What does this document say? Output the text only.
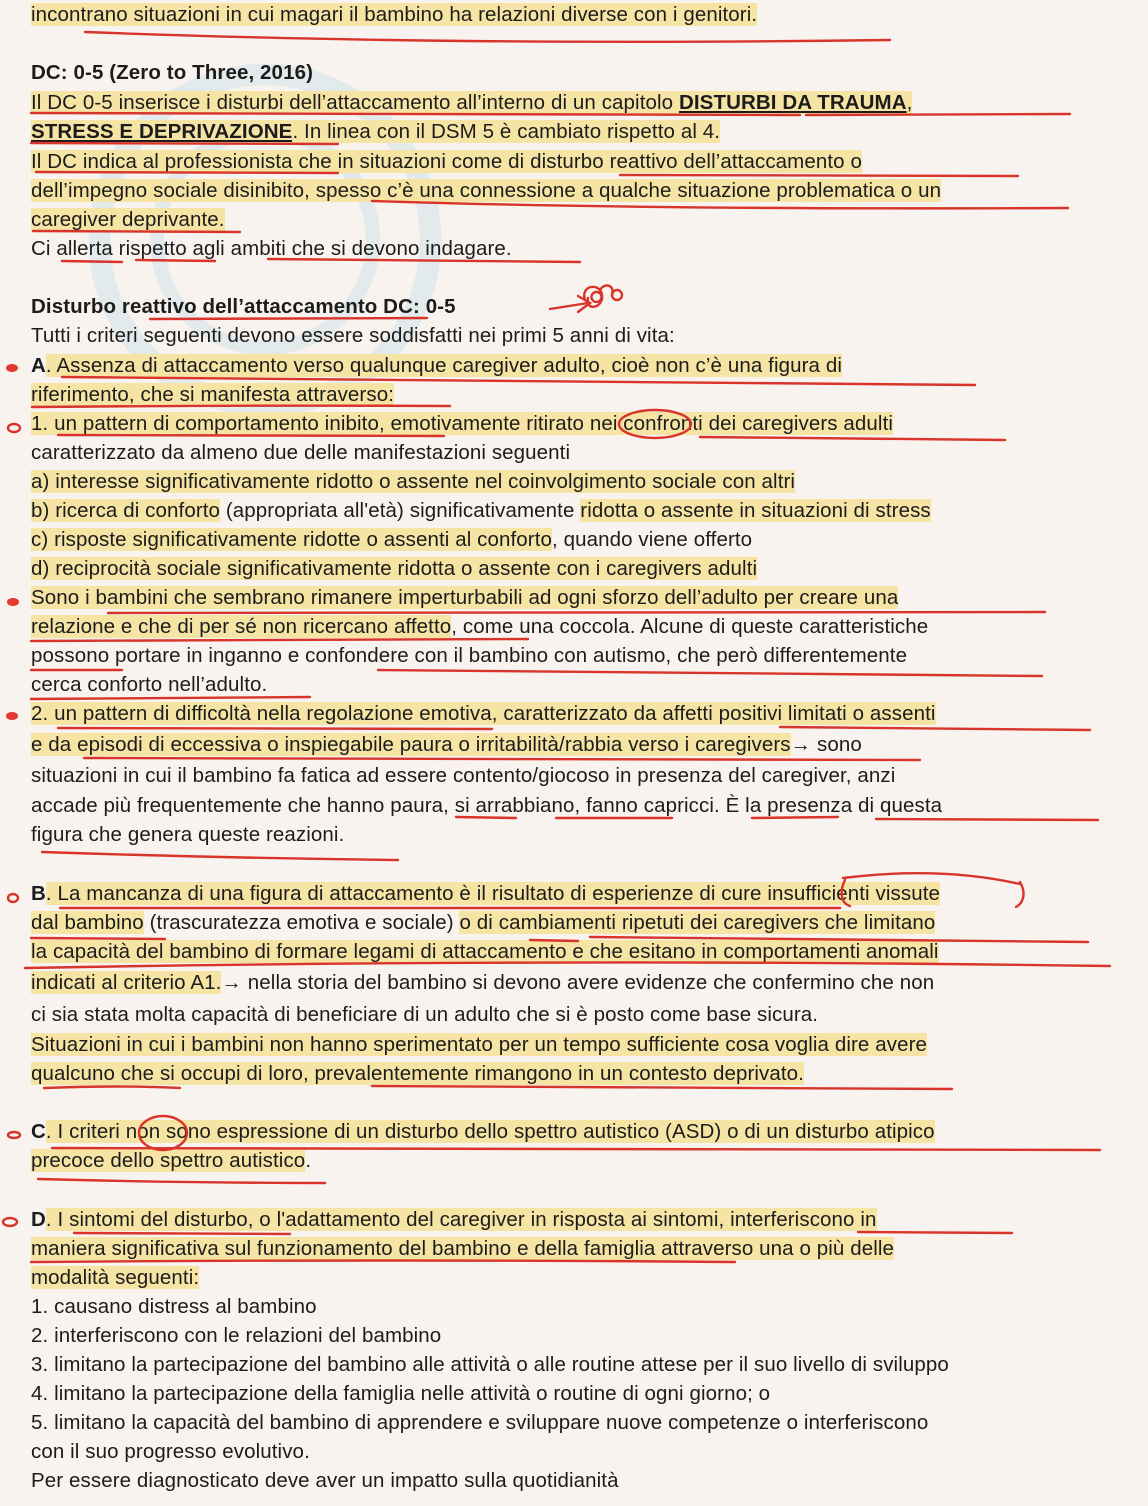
incontrano situazioni in cui magari il bambino ha relazioni diverse con i genitori.
DC: 0-5 (Zero to Three, 2016)
Il DC 0-5 inserisce i disturbi dell’attaccamento all’interno di un capitolo DISTURBI DA TRAUMA,
STRESS E DEPRIVAZIONE. In linea con il DSM 5 è cambiato rispetto al 4.
Il DC indica al professionista che in situazioni come di disturbo reattivo dell’attaccamento o
dell’impegno sociale disinibito, spesso c’è una connessione a qualche situazione problematica o un
caregiver deprivante.
Ci allerta rispetto agli ambiti che si devono indagare.
Disturbo reattivo dell’attaccamento DC: 0-5
Tutti i criteri seguenti devono essere soddisfatti nei primi 5 anni di vita:
A. Assenza di attaccamento verso qualunque caregiver adulto, cioè non c’è una figura di
riferimento, che si manifesta attraverso:
1. un pattern di comportamento inibito, emotivamente ritirato nei confronti dei caregivers adulti
caratterizzato da almeno due delle manifestazioni seguenti
a) interesse significativamente ridotto o assente nel coinvolgimento sociale con altri
b) ricerca di conforto (appropriata all'età) significativamente ridotta o assente in situazioni di stress
c) risposte significativamente ridotte o assenti al conforto, quando viene offerto
d) reciprocità sociale significativamente ridotta o assente con i caregivers adulti
Sono i bambini che sembrano rimanere imperturbabili ad ogni sforzo dell’adulto per creare una
relazione e che di per sé non ricercano affetto, come una coccola. Alcune di queste caratteristiche
possono portare in inganno e confondere con il bambino con autismo, che però differentemente
cerca conforto nell’adulto.
2. un pattern di difficoltà nella regolazione emotiva, caratterizzato da affetti positivi limitati o assenti
e da episodi di eccessiva o inspiegabile paura o irritabilità/rabbia verso i caregivers→ sono
situazioni in cui il bambino fa fatica ad essere contento/giocoso in presenza del caregiver, anzi
accade più frequentemente che hanno paura, si arrabbiano, fanno capricci. È la presenza di questa
figura che genera queste reazioni.
B. La mancanza di una figura di attaccamento è il risultato di esperienze di cure insufficienti vissute
dal bambino (trascuratezza emotiva e sociale) o di cambiamenti ripetuti dei caregivers che limitano
la capacità del bambino di formare legami di attaccamento e che esitano in comportamenti anomali
indicati al criterio A1.→ nella storia del bambino si devono avere evidenze che confermino che non
ci sia stata molta capacità di beneficiare di un adulto che si è posto come base sicura.
Situazioni in cui i bambini non hanno sperimentato per un tempo sufficiente cosa voglia dire avere
qualcuno che si occupi di loro, prevalentemente rimangono in un contesto deprivato.
C. I criteri non sono espressione di un disturbo dello spettro autistico (ASD) o di un disturbo atipico
precoce dello spettro autistico.
D. I sintomi del disturbo, o l'adattamento del caregiver in risposta ai sintomi, interferiscono in
maniera significativa sul funzionamento del bambino e della famiglia attraverso una o più delle
modalità seguenti:
1. causano distress al bambino
2. interferiscono con le relazioni del bambino
3. limitano la partecipazione del bambino alle attività o alle routine attese per il suo livello di sviluppo
4. limitano la partecipazione della famiglia nelle attività o routine di ogni giorno; o
5. limitano la capacità del bambino di apprendere e sviluppare nuove competenze o interferiscono
con il suo progresso evolutivo.
Per essere diagnosticato deve aver un impatto sulla quotidianità
